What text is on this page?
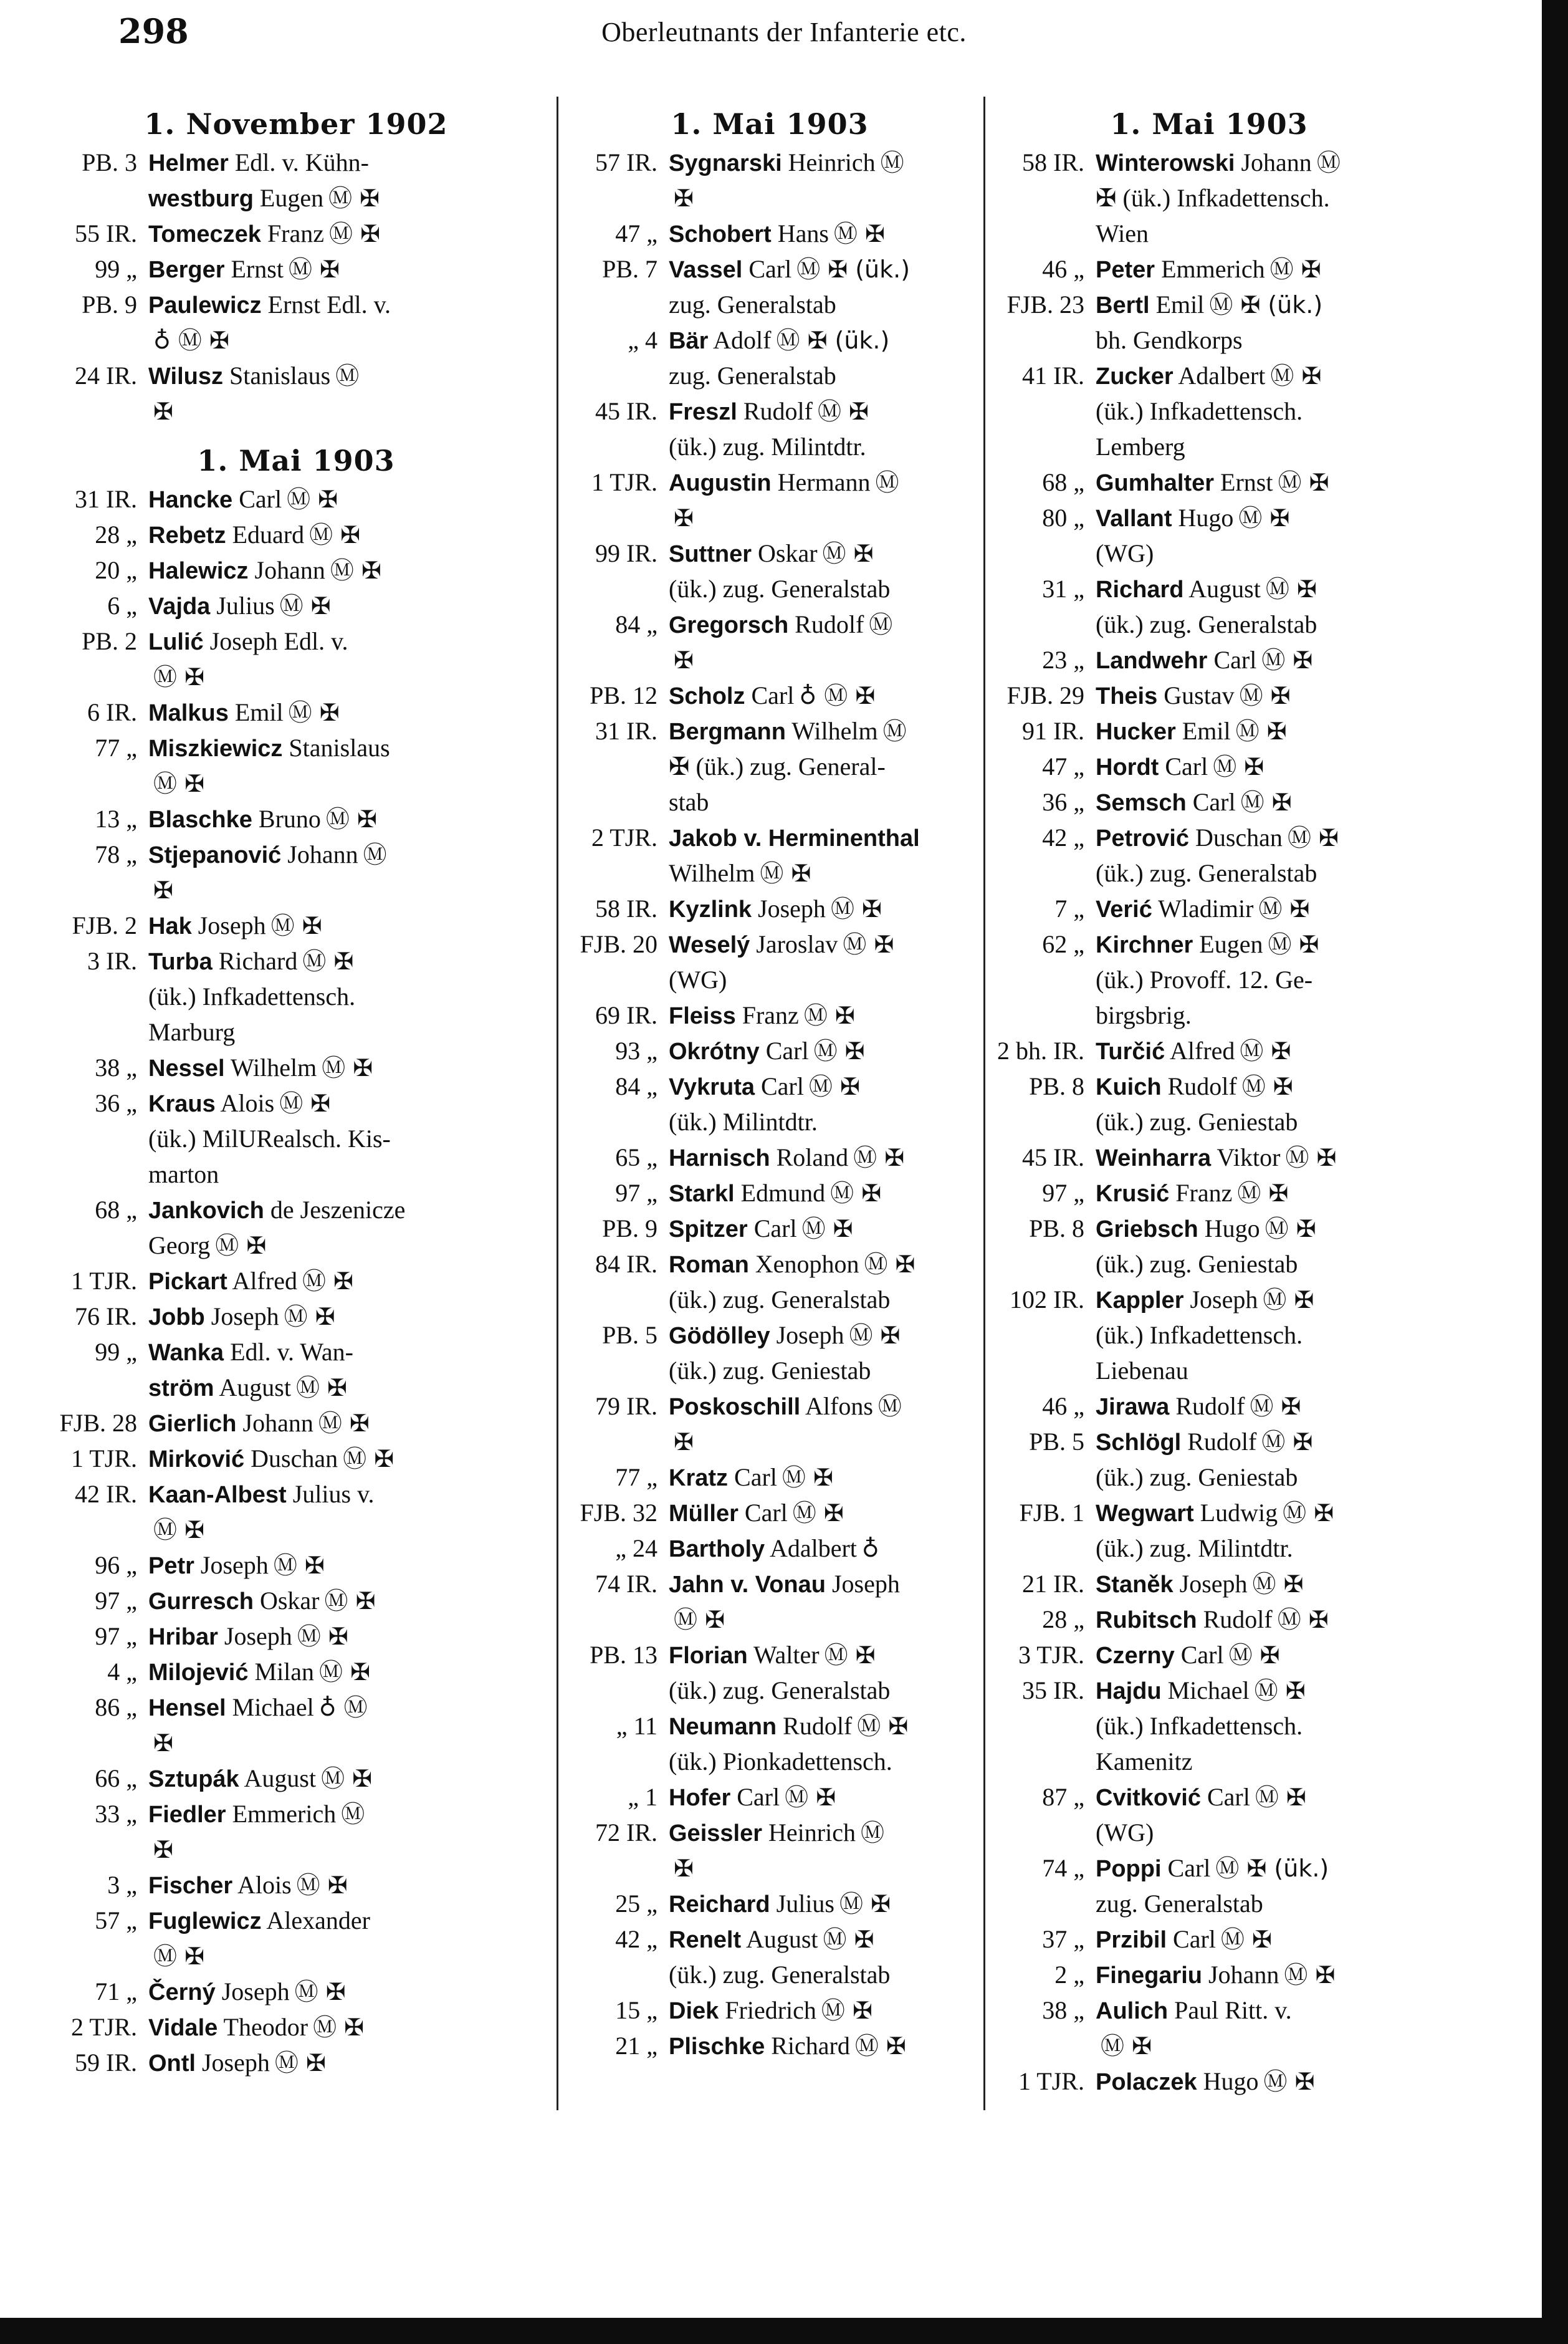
298	Oberleutnants der Infanterie etc.
1. November 1902
PB. 3 Helmer Edl. v. Kühn-
westburg Eugen Ⓜ ✠
55 IR. Tomeczek Franz Ⓜ ✠
99 „ Berger Ernst Ⓜ ✠
PB. 9 Paulewicz Ernst Edl. v.
♁ Ⓜ ✠
24 IR. Wilusz Stanislaus Ⓜ
✠
1. Mai 1903
31 IR. Hancke Carl Ⓜ ✠
28 „ Rebetz Eduard Ⓜ ✠
20 „ Halewicz Johann Ⓜ ✠
6 „ Vajda Julius Ⓜ ✠
PB. 2 Lulić Joseph Edl. v.
Ⓜ ✠
6 IR. Malkus Emil Ⓜ ✠
77 „ Miszkiewicz Stanislaus
Ⓜ ✠
13 „ Blaschke Bruno Ⓜ ✠
78 „ Stjepanović Johann Ⓜ
✠
FJB. 2 Hak Joseph Ⓜ ✠
3 IR. Turba Richard Ⓜ ✠
(ük.) Infkadettensch.
Marburg
38 „ Nessel Wilhelm Ⓜ ✠
36 „ Kraus Alois Ⓜ ✠
(ük.) MilURealsch. Kis-
marton
68 „ Jankovich de Jeszenicze
Georg Ⓜ ✠
1 TJR. Pickart Alfred Ⓜ ✠
76 IR. Jobb Joseph Ⓜ ✠
99 „ Wanka Edl. v. Wan-
ström August Ⓜ ✠
FJB. 28 Gierlich Johann Ⓜ ✠
1 TJR. Mirković Duschan Ⓜ ✠
42 IR. Kaan-Albest Julius v.
Ⓜ ✠
96 „ Petr Joseph Ⓜ ✠
97 „ Gurresch Oskar Ⓜ ✠
97 „ Hribar Joseph Ⓜ ✠
4 „ Milojević Milan Ⓜ ✠
86 „ Hensel Michael ♁ Ⓜ
✠
66 „ Sztupák August Ⓜ ✠
33 „ Fiedler Emmerich Ⓜ
✠
3 „ Fischer Alois Ⓜ ✠
57 „ Fuglewicz Alexander
Ⓜ ✠
71 „ Černý Joseph Ⓜ ✠
2 TJR. Vidale Theodor Ⓜ ✠
59 IR. Ontl Joseph Ⓜ ✠
1. Mai 1903
57 IR. Sygnarski Heinrich Ⓜ
✠
47 „ Schobert Hans Ⓜ ✠
PB. 7 Vassel Carl Ⓜ ✠ (ük.)
zug. Generalstab
„ 4 Bär Adolf Ⓜ ✠ (ük.)
zug. Generalstab
45 IR. Freszl Rudolf Ⓜ ✠
(ük.) zug. Milintdtr.
1 TJR. Augustin Hermann Ⓜ
✠
99 IR. Suttner Oskar Ⓜ ✠
(ük.) zug. Generalstab
84 „ Gregorsch Rudolf Ⓜ
✠
PB. 12 Scholz Carl ♁ Ⓜ ✠
31 IR. Bergmann Wilhelm Ⓜ
✠ (ük.) zug. General-
stab
2 TJR. Jakob v. Herminenthal
Wilhelm Ⓜ ✠
58 IR. Kyzlink Joseph Ⓜ ✠
FJB. 20 Weselý Jaroslav Ⓜ ✠
(WG)
69 IR. Fleiss Franz Ⓜ ✠
93 „ Okrótny Carl Ⓜ ✠
84 „ Vykruta Carl Ⓜ ✠
(ük.) Milintdtr.
65 „ Harnisch Roland Ⓜ ✠
97 „ Starkl Edmund Ⓜ ✠
PB. 9 Spitzer Carl Ⓜ ✠
84 IR. Roman Xenophon Ⓜ ✠
(ük.) zug. Generalstab
PB. 5 Gödölley Joseph Ⓜ ✠
(ük.) zug. Geniestab
79 IR. Poskoschill Alfons Ⓜ
✠
77 „ Kratz Carl Ⓜ ✠
FJB. 32 Müller Carl Ⓜ ✠
„ 24 Bartholy Adalbert ♁
74 IR. Jahn v. Vonau Joseph
Ⓜ ✠
PB. 13 Florian Walter Ⓜ ✠
(ük.) zug. Generalstab
„ 11 Neumann Rudolf Ⓜ ✠
(ük.) Pionkadettensch.
„ 1 Hofer Carl Ⓜ ✠
72 IR. Geissler Heinrich Ⓜ
✠
25 „ Reichard Julius Ⓜ ✠
42 „ Renelt August Ⓜ ✠
(ük.) zug. Generalstab
15 „ Diek Friedrich Ⓜ ✠
21 „ Plischke Richard Ⓜ ✠
1. Mai 1903
58 IR. Winterowski Johann Ⓜ
✠ (ük.) Infkadettensch.
Wien
46 „ Peter Emmerich Ⓜ ✠
FJB. 23 Bertl Emil Ⓜ ✠ (ük.)
bh. Gendkorps
41 IR. Zucker Adalbert Ⓜ ✠
(ük.) Infkadettensch.
Lemberg
68 „ Gumhalter Ernst Ⓜ ✠
80 „ Vallant Hugo Ⓜ ✠
(WG)
31 „ Richard August Ⓜ ✠
(ük.) zug. Generalstab
23 „ Landwehr Carl Ⓜ ✠
FJB. 29 Theis Gustav Ⓜ ✠
91 IR. Hucker Emil Ⓜ ✠
47 „ Hordt Carl Ⓜ ✠
36 „ Semsch Carl Ⓜ ✠
42 „ Petrović Duschan Ⓜ ✠
(ük.) zug. Generalstab
7 „ Verić Wladimir Ⓜ ✠
62 „ Kirchner Eugen Ⓜ ✠
(ük.) Provoff. 12. Ge-
birgsbrig.
2 bh. IR. Turčić Alfred Ⓜ ✠
PB. 8 Kuich Rudolf Ⓜ ✠
(ük.) zug. Geniestab
45 IR. Weinharra Viktor Ⓜ ✠
97 „ Krusić Franz Ⓜ ✠
PB. 8 Griebsch Hugo Ⓜ ✠
(ük.) zug. Geniestab
102 IR. Kappler Joseph Ⓜ ✠
(ük.) Infkadettensch.
Liebenau
46 „ Jirawa Rudolf Ⓜ ✠
PB. 5 Schlögl Rudolf Ⓜ ✠
(ük.) zug. Geniestab
FJB. 1 Wegwart Ludwig Ⓜ ✠
(ük.) zug. Milintdtr.
21 IR. Staněk Joseph Ⓜ ✠
28 „ Rubitsch Rudolf Ⓜ ✠
3 TJR. Czerny Carl Ⓜ ✠
35 IR. Hajdu Michael Ⓜ ✠
(ük.) Infkadettensch.
Kamenitz
87 „ Cvitković Carl Ⓜ ✠
(WG)
74 „ Poppi Carl Ⓜ ✠ (ük.)
zug. Generalstab
37 „ Przibil Carl Ⓜ ✠
2 „ Finegariu Johann Ⓜ ✠
38 „ Aulich Paul Ritt. v.
Ⓜ ✠
1 TJR. Polaczek Hugo Ⓜ ✠
